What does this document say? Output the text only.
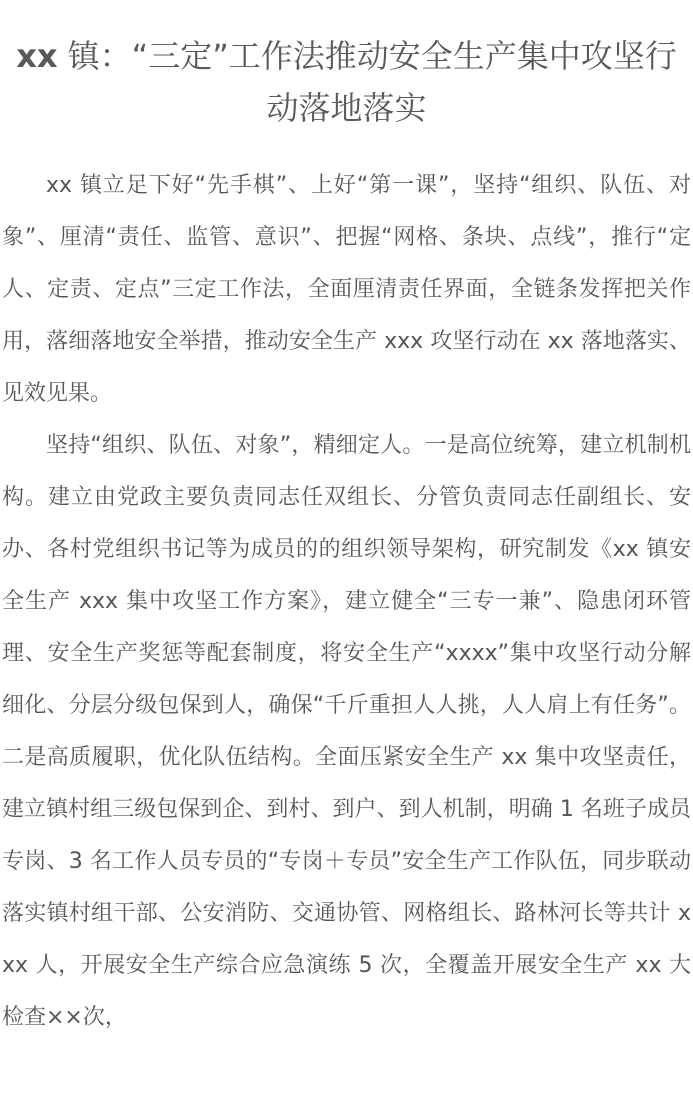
xx 镇：“三定”工作法推动安全生产集中攻坚行动落地落实

xx 镇立足下好“先手棋”、上好“第一课”，坚持“组织、队伍、对象”、厘清“责任、监管、意识”、把握“网格、条块、点线”，推行“定人、定责、定点”三定工作法，全面厘清责任界面，全链条发挥把关作用，落细落地安全举措，推动安全生产 xxx 攻坚行动在 xx 落地落实、见效见果。

坚持“组织、队伍、对象”，精细定人。一是高位统筹，建立机制机构。建立由党政主要负责同志任双组长、分管负责同志任副组长、安办、各村党组织书记等为成员的的组织领导架构，研究制发《xx 镇安全生产 xxx 集中攻坚工作方案》，建立健全“三专一兼”、隐患闭环管理、安全生产奖惩等配套制度，将安全生产“xxxx”集中攻坚行动分解细化、分层分级包保到人，确保“千斤重担人人挑，人人肩上有任务”。二是高质履职，优化队伍结构。全面压紧安全生产 xx 集中攻坚责任，建立镇村组三级包保到企、到村、到户、到人机制，明确 1 名班子成员专岗、3 名工作人员专员的“专岗＋专员”安全生产工作队伍，同步联动落实镇村组干部、公安消防、交通协管、网格组长、路林河长等共计 xxx 人，开展安全生产综合应急演练 5 次，全覆盖开展安全生产 xx 大检查××次，
